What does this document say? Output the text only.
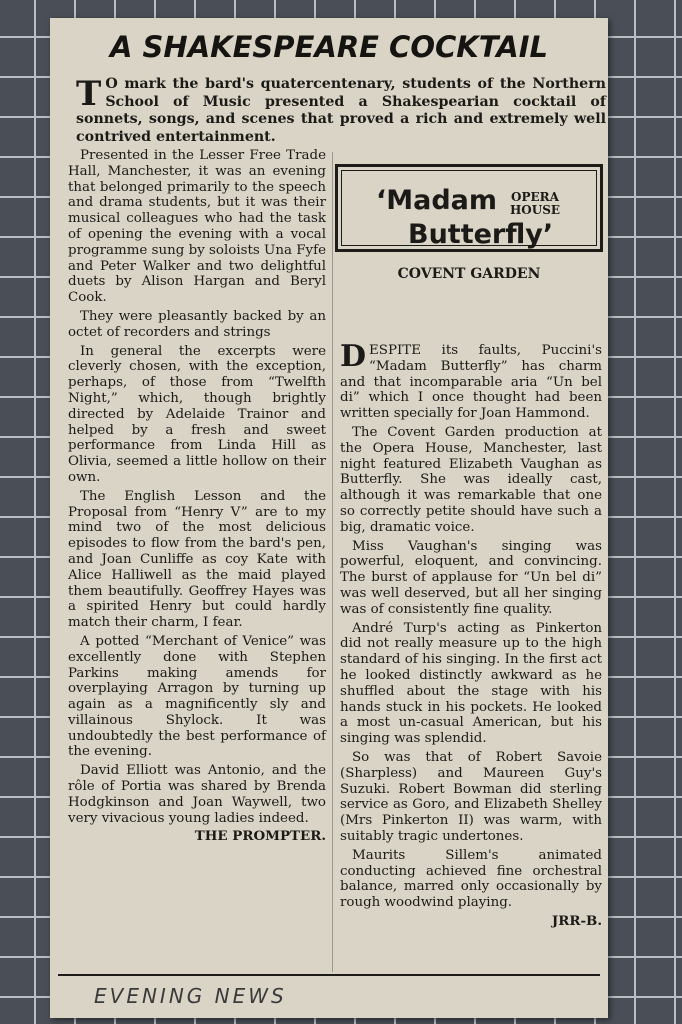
A SHAKESPEARE COCKTAIL

T O mark the bard's quatercentenary, students of the Northern School of Music presented a Shakespearian cocktail of sonnets, songs, and scenes that proved a rich and extremely well contrived entertainment.

Presented in the Lesser Free Trade Hall, Manchester, it was an evening that belonged primarily to the speech and drama students, but it was their musical colleagues who had the task of opening the evening with a vocal programme sung by soloists Una Fyfe and Peter Walker and two delightful duets by Alison Hargan and Beryl Cook.

They were pleasantly backed by an octet of recorders and strings

In general the excerpts were cleverly chosen, with the exception, perhaps, of those from “Twelfth Night,” which, though brightly directed by Adelaide Trainor and helped by a fresh and sweet performance from Linda Hill as Olivia, seemed a little hollow on their own.

The English Lesson and the Proposal from “Henry V” are to my mind two of the most delicious episodes to flow from the bard's pen, and Joan Cunliffe as coy Kate with Alice Halliwell as the maid played them beautifully. Geoffrey Hayes was a spirited Henry but could hardly match their charm, I fear.

A potted “Merchant of Venice” was excellently done with Stephen Parkins making amends for overplaying Arragon by turning up again as a magnificently sly and villainous Shylock. It was undoubtedly the best performance of the evening.

David Elliott was Antonio, and the rôle of Portia was shared by Brenda Hodgkinson and Joan Waywell, two very vivacious young ladies indeed.

THE PROMPTER.

‘Madam
Butterfly’
OPERA
HOUSE
COVENT GARDEN

DESPITE its faults, Puccini's “Madam Butterfly” has charm and that incomparable aria “Un bel di” which I once thought had been written specially for Joan Hammond.

The Covent Garden production at the Opera House, Manchester, last night featured Elizabeth Vaughan as Butterfly. She was ideally cast, although it was remarkable that one so correctly petite should have such a big, dramatic voice.

Miss Vaughan's singing was powerful, eloquent, and convincing. The burst of applause for “Un bel di” was well deserved, but all her singing was of consistently fine quality.

André Turp's acting as Pinkerton did not really measure up to the high standard of his singing. In the first act he looked distinctly awkward as he shuffled about the stage with his hands stuck in his pockets. He looked a most un-casual American, but his singing was splendid.

So was that of Robert Savoie (Sharpless) and Maureen Guy's Suzuki. Robert Bowman did sterling service as Goro, and Elizabeth Shelley (Mrs Pinkerton II) was warm, with suitably tragic undertones.

Maurits Sillem's animated conducting achieved fine orchestral balance, marred only occasionally by rough woodwind playing.

JRR-B.

EVENING NEWS
